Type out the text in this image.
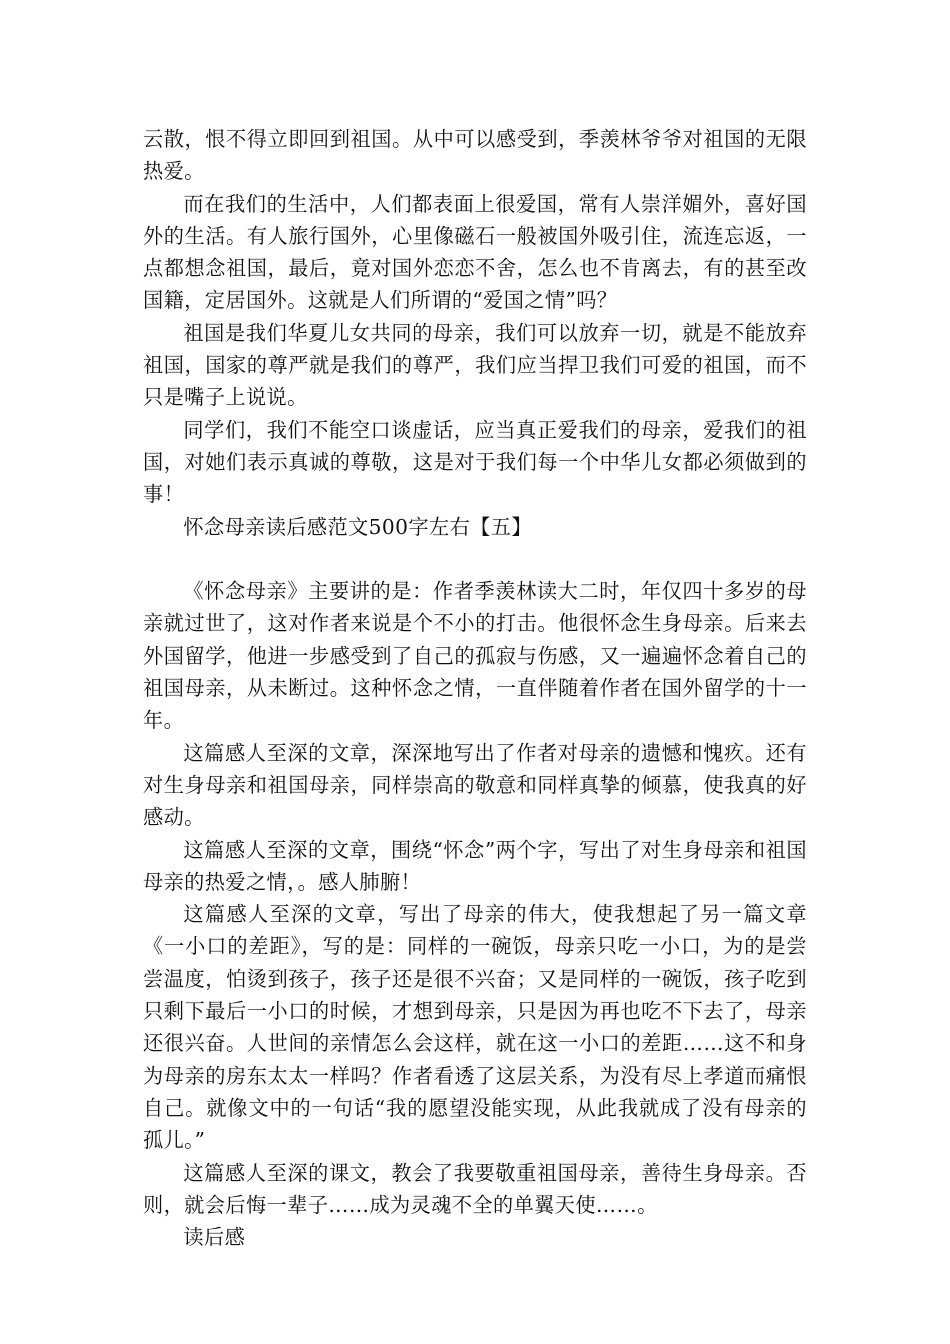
云散，恨不得立即回到祖国。从中可以感受到，季羡林爷爷对祖国的无限热爱。

而在我们的生活中，人们都表面上很爱国，常有人崇洋媚外，喜好国外的生活。有人旅行国外，心里像磁石一般被国外吸引住，流连忘返，一点都想念祖国，最后，竟对国外恋恋不舍，怎么也不肯离去，有的甚至改国籍，定居国外。这就是人们所谓的“爱国之情”吗？

祖国是我们华夏儿女共同的母亲，我们可以放弃一切，就是不能放弃祖国，国家的尊严就是我们的尊严，我们应当捍卫我们可爱的祖国，而不只是嘴子上说说。

同学们，我们不能空口谈虚话，应当真正爱我们的母亲，爱我们的祖国，对她们表示真诚的尊敬，这是对于我们每一个中华儿女都必须做到的事！

怀念母亲读后感范文500字左右【五】

《怀念母亲》主要讲的是：作者季羡林读大二时，年仅四十多岁的母亲就过世了，这对作者来说是个不小的打击。他很怀念生身母亲。后来去外国留学，他进一步感受到了自己的孤寂与伤感，又一遍遍怀念着自己的祖国母亲，从未断过。这种怀念之情，一直伴随着作者在国外留学的十一年。

这篇感人至深的文章，深深地写出了作者对母亲的遗憾和愧疚。还有对生身母亲和祖国母亲，同样崇高的敬意和同样真挚的倾慕，使我真的好感动。

这篇感人至深的文章，围绕“怀念”两个字，写出了对生身母亲和祖国母亲的热爱之情，。感人肺腑！

这篇感人至深的文章，写出了母亲的伟大，使我想起了另一篇文章《一小口的差距》，写的是：同样的一碗饭，母亲只吃一小口，为的是尝尝温度，怕烫到孩子，孩子还是很不兴奋；又是同样的一碗饭，孩子吃到只剩下最后一小口的时候，才想到母亲，只是因为再也吃不下去了，母亲还很兴奋。人世间的亲情怎么会这样，就在这一小口的差距……这不和身为母亲的房东太太一样吗？作者看透了这层关系，为没有尽上孝道而痛恨自己。就像文中的一句话“我的愿望没能实现，从此我就成了没有母亲的孤儿。”

这篇感人至深的课文，教会了我要敬重祖国母亲，善待生身母亲。否则，就会后悔一辈子……成为灵魂不全的单翼天使……。

读后感
